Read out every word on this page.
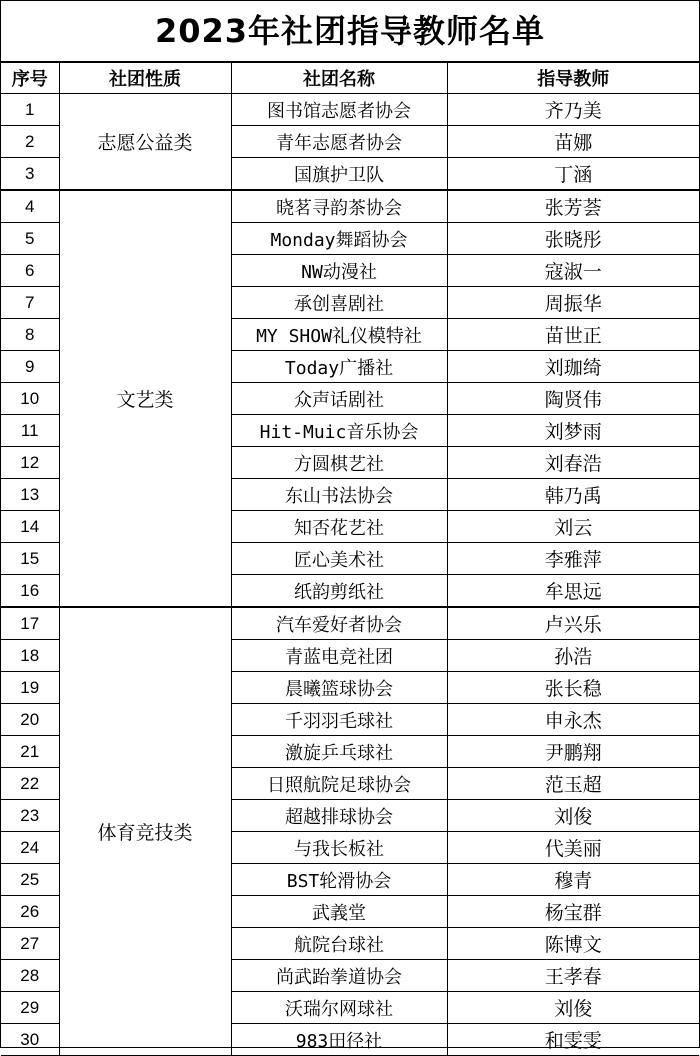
2023年社团指导教师名单
序号	社团性质	社团名称	指导教师
1	志愿公益类	图书馆志愿者协会	齐乃美
2		青年志愿者协会	苗娜
3		国旗护卫队	丁涵
4	文艺类	晓茗寻韵茶协会	张芳荟
5		Monday舞蹈协会	张晓彤
6		NW动漫社	寇淑一
7		承创喜剧社	周振华
8		MY SHOW礼仪模特社	苗世正
9		Today广播社	刘珈绮
10		众声话剧社	陶贤伟
11		Hit-Muic音乐协会	刘梦雨
12		方圆棋艺社	刘春浩
13		东山书法协会	韩乃禹
14		知否花艺社	刘云
15		匠心美术社	李雅萍
16		纸韵剪纸社	牟思远
17	体育竞技类	汽车爱好者协会	卢兴乐
18		青蓝电竞社团	孙浩
19		晨曦篮球协会	张长稳
20		千羽羽毛球社	申永杰
21		激旋乒乓球社	尹鹏翔
22		日照航院足球协会	范玉超
23		超越排球协会	刘俊
24		与我长板社	代美丽
25		BST轮滑协会	穆青
26		武義堂	杨宝群
27		航院台球社	陈博文
28		尚武跆拳道协会	王孝春
29		沃瑞尔网球社	刘俊
30		983田径社	和雯雯
